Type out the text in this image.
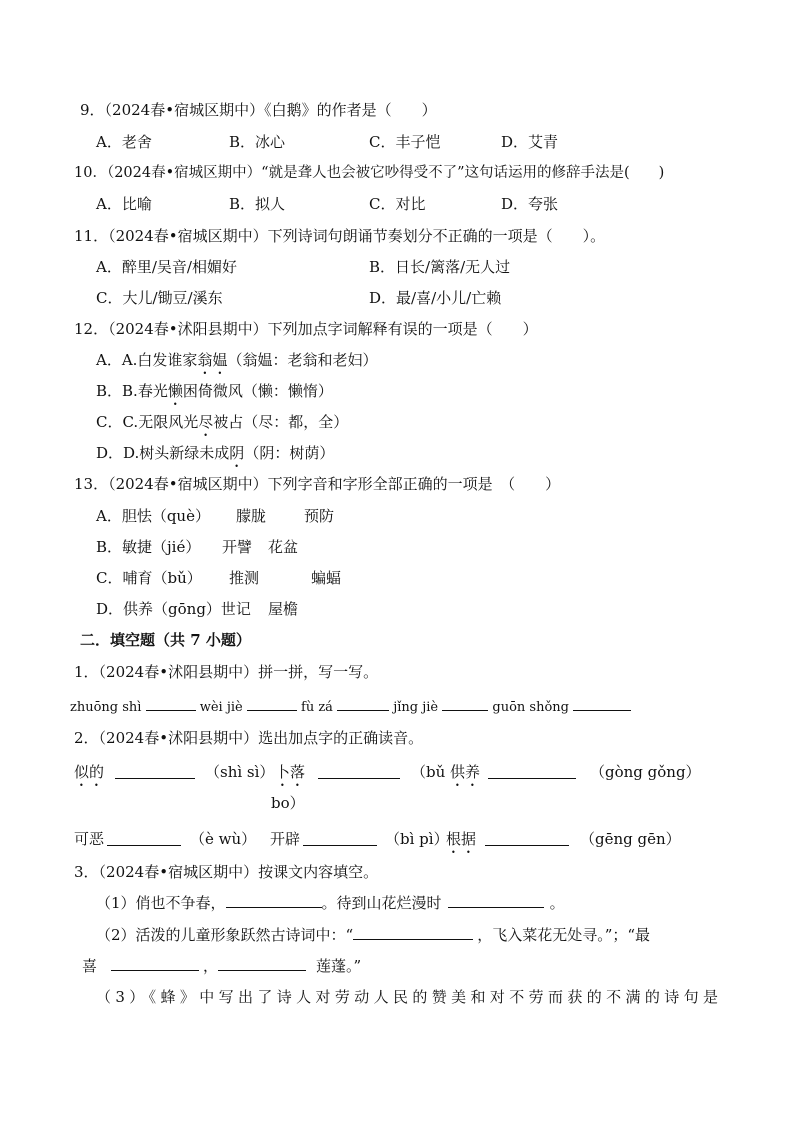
9．（2024春•宿城区期中）《白鹅》的作者是（　　）
A．老舍	B．冰心	C．丰子恺	D．艾青
10．（2024春•宿城区期中）“就是聋人也会被它吵得受不了”这句话运用的修辞手法是(　　)
A．比喻	B．拟人	C．对比	D．夸张
11．（2024春•宿城区期中）下列诗词句朗诵节奏划分不正确的一项是（　　）。
A．醉里/吴音/相媚好	B．日长/篱落/无人过
C．大儿/锄豆/溪东	D．最/喜/小儿/亡赖
12．（2024春•沭阳县期中）下列加点字词解释有误的一项是（　　）
A．A.白发谁家翁媪（翁媪：老翁和老妇）
B．B.春光懒困倚微风（懒：懒惰）
C．C.无限风光尽被占（尽：都，全）
D．D.树头新绿未成阴（阴：树荫）
13．（2024春•宿城区期中）下列字音和字形全部正确的一项是　（　　）
A．胆怯（què） 朦胧	预防
B．敏捷（jié） 开譬 花盆
C．哺育（bǔ） 推测	蝙蝠
D．供养（gōng）世记 屋檐
二．填空题（共 7 小题）
1．（2024春•沭阳县期中）拼一拼，写一写。
zhuōng shì	wèi jiè	fù zá	jǐng jiè	guōn shǒng
2．（2024春•沭阳县期中）选出加点字的正确读音。
似的	（shì sì） 卜落	（bǔ 供养	（gòng gǒng）
bo）
可恶	（è wù） 开辟	（bì pì）
根据	（gēng gēn）
3．（2024春•宿城区期中）按课文内容填空。
（1）俏也不争春，	。待到山花烂漫时	。
（2）活泼的儿童形象跃然古诗词中：“	，飞入菜花无处寻。”；“最
喜	，	莲蓬。”
（3）《蜂》中写出了诗人对劳动人民的赞美和对不劳而获的不满的诗句是
